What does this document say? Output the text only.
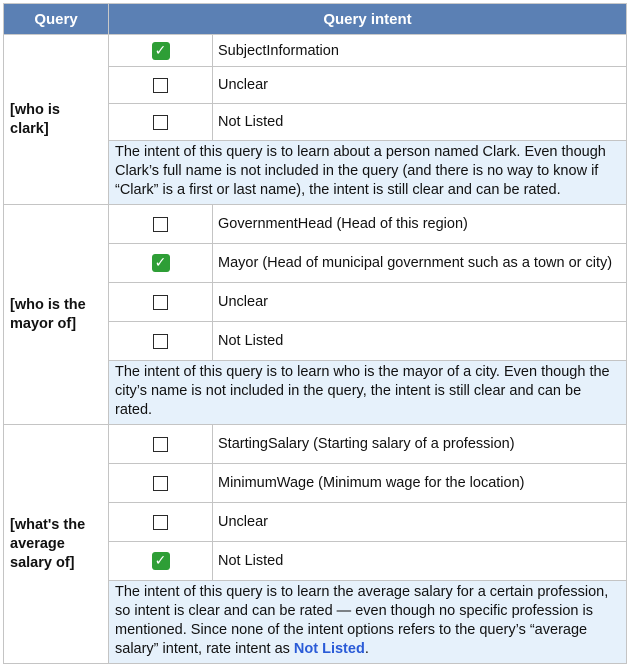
Query	Query intent	
[who is clark]	✓	SubjectInformation
		Unclear
		Not Listed
	The intent of this query is to learn about a person named Clark. Even though Clark’s full name is not included in the query (and there is no way to know if “Clark” is a first or last name), the intent is still clear and can be rated.	
[who is the mayor of]		GovernmentHead (Head of this region)
	✓	Mayor (Head of municipal government such as a town or city)
		Unclear
		Not Listed
	The intent of this query is to learn who is the mayor of a city. Even though the city’s name is not included in the query, the intent is still clear and can be rated.	
[what's the average salary of]		StartingSalary (Starting salary of a profession)
		MinimumWage (Minimum wage for the location)
		Unclear
	✓	Not Listed
	The intent of this query is to learn the average salary for a certain profession, so intent is clear and can be rated — even though no specific profession is mentioned. Since none of the intent options refers to the query’s “average salary” intent, rate intent as Not Listed.	
